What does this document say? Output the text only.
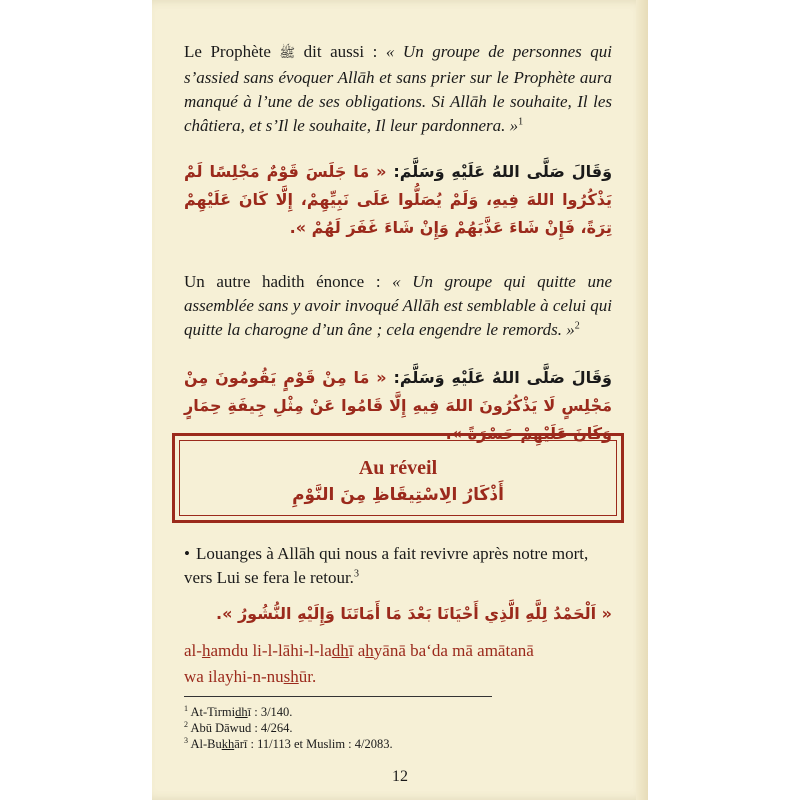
Le Prophète ﷺ dit aussi : « Un groupe de personnes qui s’assied sans évoquer Allāh et sans prier sur le Prophète aura manqué à l’une de ses obligations. Si Allāh le souhaite, Il les châtiera, et s’Il le souhaite, Il leur pardonnera. »$^1$

وَقَالَ صَلَّى اللهُ عَلَيْهِ وَسَلَّمَ: « مَا جَلَسَ قَوْمٌ مَجْلِسًا لَمْ يَذْكُرُوا اللهَ فِيهِ، وَلَمْ يُصَلُّوا عَلَى نَبِيِّهِمْ، إِلَّا كَانَ عَلَيْهِمْ تِرَةً، فَإِنْ شَاءَ عَذَّبَهُمْ وَإِنْ شَاءَ غَفَرَ لَهُمْ ».

Un autre hadith énonce : « Un groupe qui quitte une assemblée sans y avoir invoqué Allāh est semblable à celui qui quitte la charogne d’un âne ; cela engendre le remords. »$^2$

وَقَالَ صَلَّى اللهُ عَلَيْهِ وَسَلَّمَ: « مَا مِنْ قَوْمٍ يَقُومُونَ مِنْ مَجْلِسٍ لَا يَذْكُرُونَ اللهَ فِيهِ إِلَّا قَامُوا عَنْ مِثْلِ جِيفَةِ حِمَارٍ وَكَانَ عَلَيْهِمْ حَسْرَةً ».

Au réveil
أَذْكَارُ الِاسْتِيقَاظِ مِنَ النَّوْمِ

• Louanges à Allāh qui nous a fait revivre après notre mort, vers Lui se fera le retour.$^3$

« اَلْحَمْدُ لِلَّهِ الَّذِي أَحْيَانَا بَعْدَ مَا أَمَاتَنَا وَإِلَيْهِ النُّشُورُ ».

al-hamdu li-l-lāhi-l-ladhī ahyānā ba‘da mā amātanā
wa ilayhi-n-nushūr.

$^1$ At-Tirmidhī : 3/140.
$^2$ Abū Dāwud : 4/264.
$^3$ Al-Bukhārī : 11/113 et Muslim : 4/2083.
12
